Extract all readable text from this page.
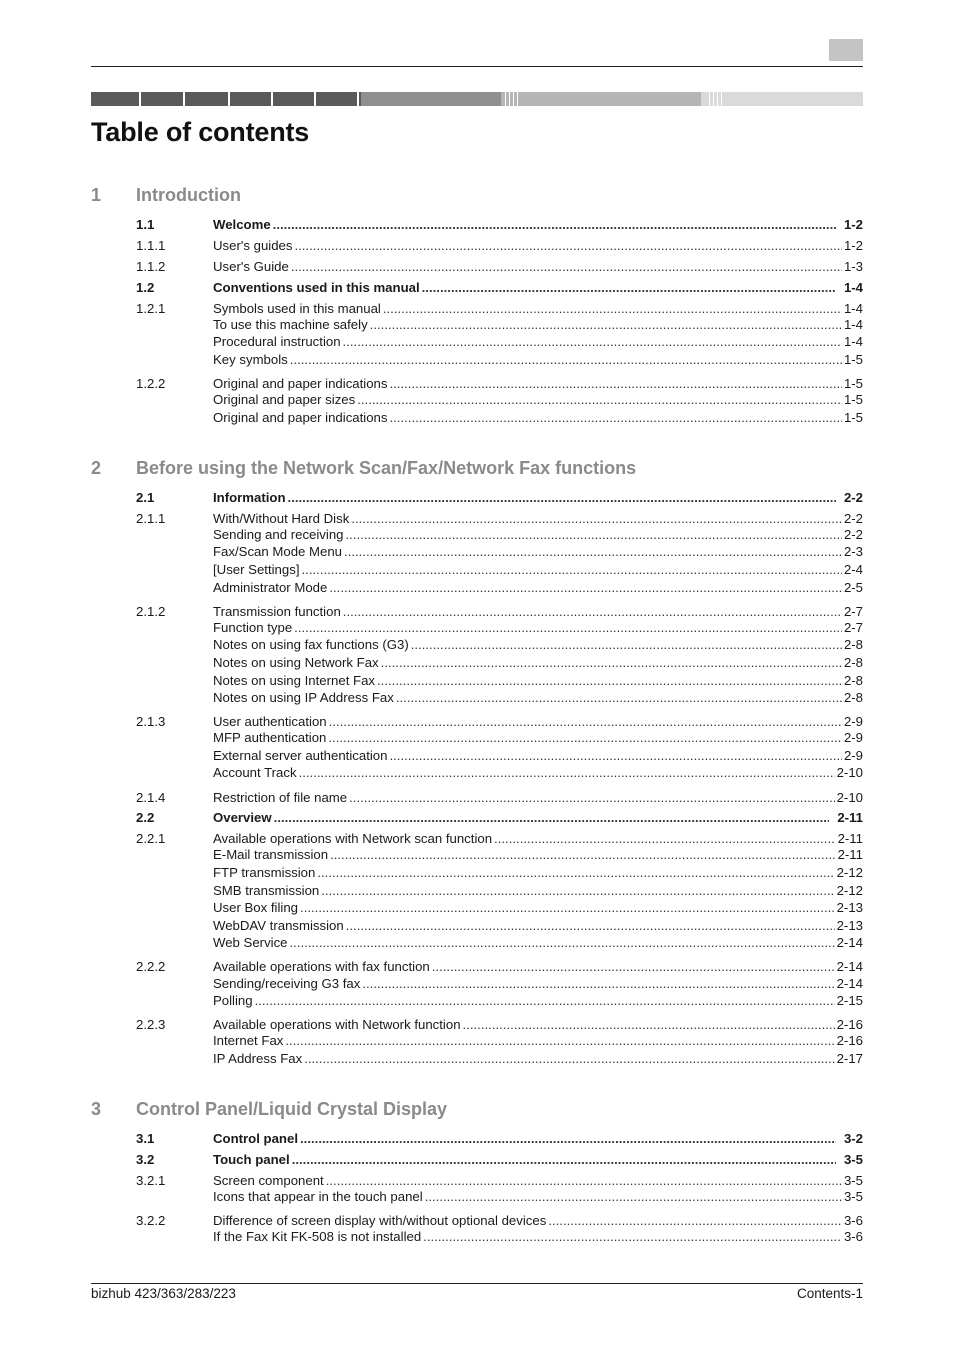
Table of contents
1 Introduction
2 Before using the Network Scan/Fax/Network Fax functions
3 Control Panel/Liquid Crystal Display
1.1	Welcome .....	1-2
1.1.1	User's guides .....	1-2
1.1.2	User's Guide .....	1-3
1.2	Conventions used in this manual .....	1-4
1.2.1	Symbols used in this manual .....	1-4
To use this machine safely .....	1-4
Procedural instruction .....	1-4
Key symbols .....	1-5
1.2.2	Original and paper indications .....	1-5
Original and paper sizes .....	1-5
Original and paper indications .....	1-5
2.1	Information .....	2-2
2.1.1	With/Without Hard Disk .....	2-2
Sending and receiving .....	2-2
Fax/Scan Mode Menu .....	2-3
[User Settings] .....	2-4
Administrator Mode .....	2-5
2.1.2	Transmission function .....	2-7
Function type .....	2-7
Notes on using fax functions (G3) .....	2-8
Notes on using Network Fax .....	2-8
Notes on using Internet Fax .....	2-8
Notes on using IP Address Fax .....	2-8
2.1.3	User authentication .....	2-9
MFP authentication .....	2-9
External server authentication .....	2-9
Account Track .....	2-10
2.1.4	Restriction of file name .....	2-10
2.2	Overview .....	2-11
2.2.1	Available operations with Network scan function .....	2-11
E-Mail transmission .....	2-11
FTP transmission .....	2-12
SMB transmission .....	2-12
User Box filing .....	2-13
WebDAV transmission .....	2-13
Web Service .....	2-14
2.2.2	Available operations with fax function .....	2-14
Sending/receiving G3 fax .....	2-14
Polling .....	2-15
2.2.3	Available operations with Network function .....	2-16
Internet Fax .....	2-16
IP Address Fax .....	2-17
3.1	Control panel .....	3-2
3.2	Touch panel .....	3-5
3.2.1	Screen component .....	3-5
Icons that appear in the touch panel .....	3-5
3.2.2	Difference of screen display with/without optional devices .....	3-6
If the Fax Kit FK-508 is not installed .....	3-6
bizhub 423/363/283/223	Contents-1
